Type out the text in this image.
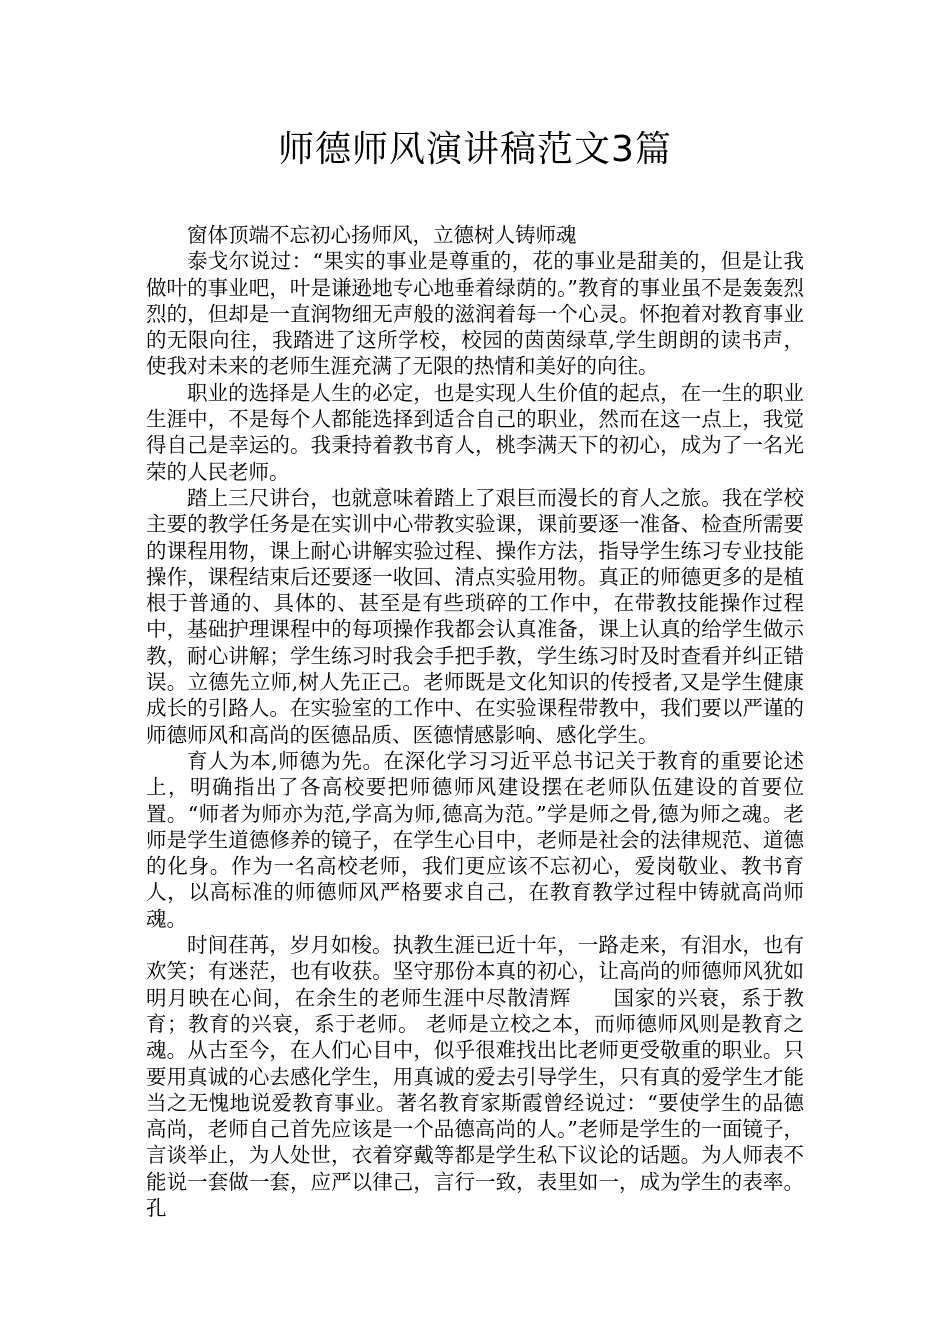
师德师风演讲稿范文3篇

窗体顶端不忘初心扬师风，立德树人铸师魂

泰戈尔说过：“果实的事业是尊重的，花的事业是甜美的，但是让我做叶的事业吧，叶是谦逊地专心地垂着绿荫的。”教育的事业虽不是轰轰烈烈的，但却是一直润物细无声般的滋润着每一个心灵。怀抱着对教育事业的无限向往，我踏进了这所学校，校园的茵茵绿草,学生朗朗的读书声，使我对未来的老师生涯充满了无限的热情和美好的向往。

职业的选择是人生的必定，也是实现人生价值的起点，在一生的职业生涯中，不是每个人都能选择到适合自己的职业，然而在这一点上，我觉得自己是幸运的。我秉持着教书育人，桃李满天下的初心，成为了一名光荣的人民老师。

踏上三尺讲台，也就意味着踏上了艰巨而漫长的育人之旅。我在学校主要的教学任务是在实训中心带教实验课，课前要逐一准备、检查所需要的课程用物，课上耐心讲解实验过程、操作方法，指导学生练习专业技能操作，课程结束后还要逐一收回、清点实验用物。真正的师德更多的是植根于普通的、具体的、甚至是有些琐碎的工作中，在带教技能操作过程中，基础护理课程中的每项操作我都会认真准备，课上认真的给学生做示教，耐心讲解；学生练习时我会手把手教，学生练习时及时查看并纠正错误。立德先立师,树人先正己。老师既是文化知识的传授者,又是学生健康成长的引路人。在实验室的工作中、在实验课程带教中，我们要以严谨的师德师风和高尚的医德品质、医德情感影响、感化学生。

育人为本,师德为先。在深化学习习近平总书记关于教育的重要论述上，明确指出了各高校要把师德师风建设摆在老师队伍建设的首要位置。“师者为师亦为范,学高为师,德高为范。”学是师之骨,德为师之魂。老师是学生道德修养的镜子，在学生心目中，老师是社会的法律规范、道德的化身。作为一名高校老师，我们更应该不忘初心，爱岗敬业、教书育人，以高标准的师德师风严格要求自己，在教育教学过程中铸就高尚师魂。

时间荏苒，岁月如梭。执教生涯已近十年，一路走来，有泪水，也有欢笑；有迷茫，也有收获。坚守那份本真的初心，让高尚的师德师风犹如明月映在心间，在余生的老师生涯中尽散清辉　　国家的兴衰，系于教育；教育的兴衰，系于老师。 老师是立校之本，而师德师风则是教育之魂。从古至今，在人们心目中，似乎很难找出比老师更受敬重的职业。只要用真诚的心去感化学生，用真诚的爱去引导学生，只有真的爱学生才能当之无愧地说爱教育事业。著名教育家斯霞曾经说过：“要使学生的品德高尚，老师自己首先应该是一个品德高尚的人。”老师是学生的一面镜子，言谈举止，为人处世，衣着穿戴等都是学生私下议论的话题。为人师表不能说一套做一套，应严以律己，言行一致，表里如一，成为学生的表率。孔
